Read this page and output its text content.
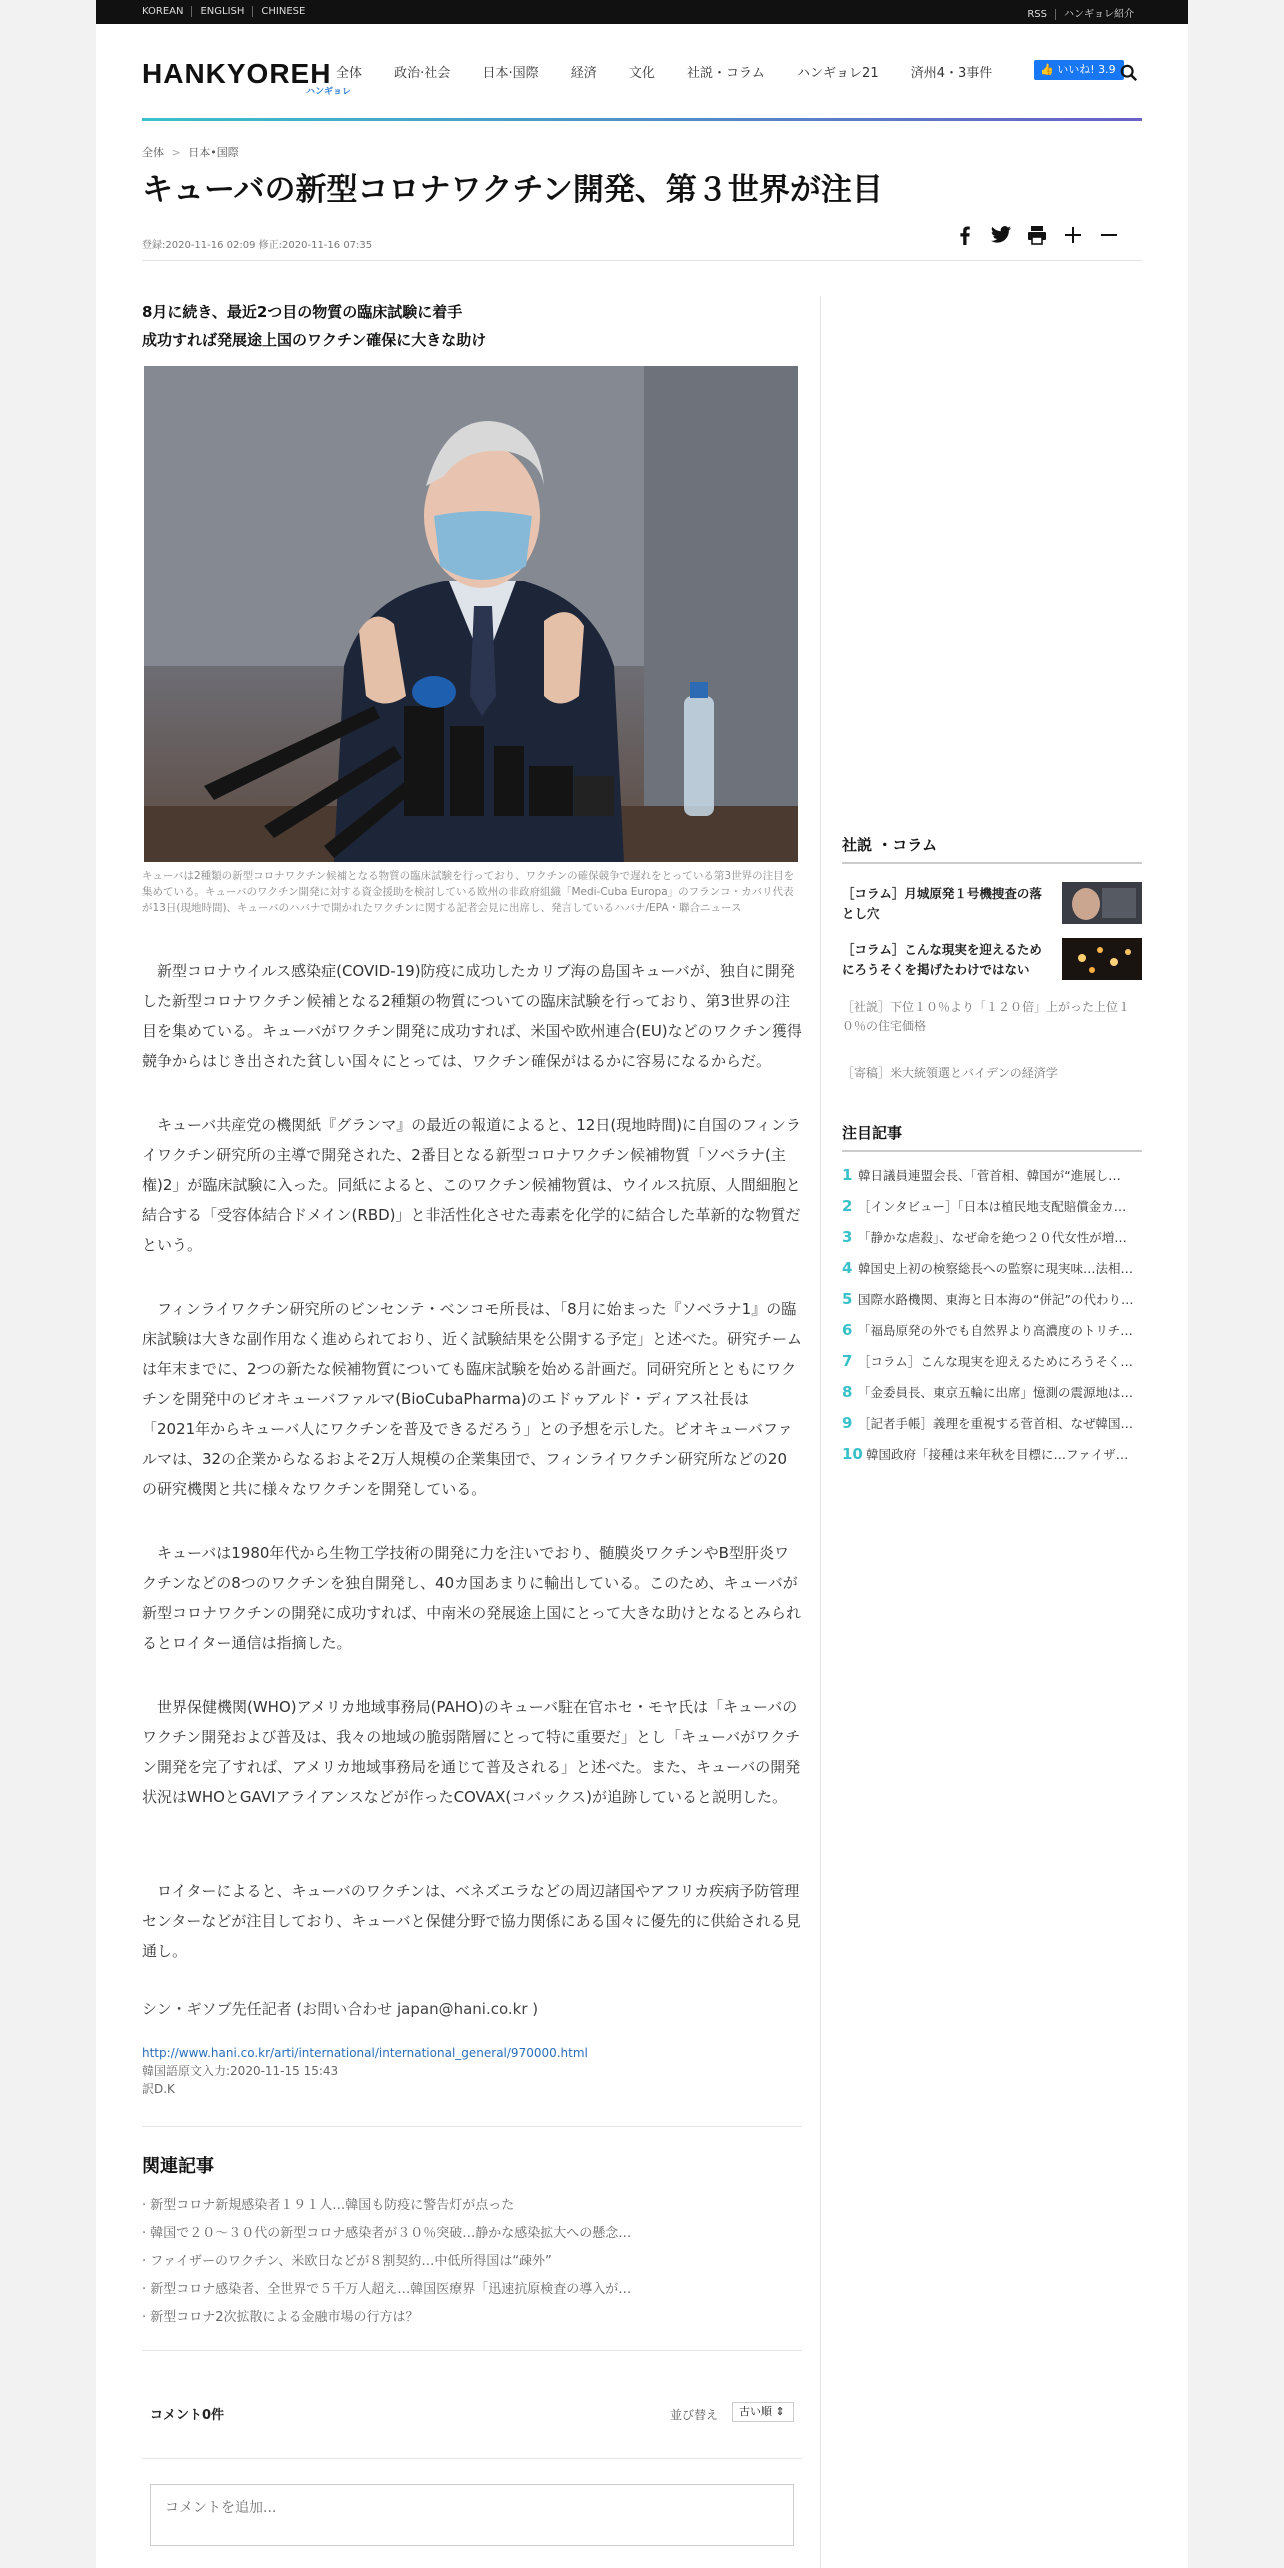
KOREAN ENGLISH CHINESE	RSS ハンギョレ紹介
HANKYOREH
ハンギョレ
全体 政治·社会 日本·国際 経済 文化 社説・コラム ハンギョレ21 済州4・3事件	👍 いいね! 3.9
全体 > 日本•国際
キューバの新型コロナワクチン開発、第３世界が注目
登録:2020-11-16 02:09 修正:2020-11-16 07:35
8月に続き、最近2つ目の物質の臨床試験に着手
成功すれば発展途上国のワクチン確保に大きな助け
キューバは2種類の新型コロナワクチン候補となる物質の臨床試験を行っており、ワクチンの確保競争で遅れをとっている第3世界の注目を集めている。キューバのワクチン開発に対する資金援助を検討している欧州の非政府組織「Medi-Cuba Europa」のフランコ・カバリ代表が13日(現地時間)、キューバのハバナで開かれたワクチンに関する記者会見に出席し、発言しているハバナ/EPA・聯合ニュース
新型コロナウイルス感染症(COVID-19)防疫に成功したカリブ海の島国キューバが、独自に開発した新型コロナワクチン候補となる2種類の物質についての臨床試験を行っており、第3世界の注目を集めている。キューバがワクチン開発に成功すれば、米国や欧州連合(EU)などのワクチン獲得競争からはじき出された貧しい国々にとっては、ワクチン確保がはるかに容易になるからだ。
キューバ共産党の機関紙『グランマ』の最近の報道によると、12日(現地時間)に自国のフィンライワクチン研究所の主導で開発された、2番目となる新型コロナワクチン候補物質「ソベラナ(主権)2」が臨床試験に入った。同紙によると、このワクチン候補物質は、ウイルス抗原、人間細胞と結合する「受容体結合ドメイン(RBD)」と非活性化させた毒素を化学的に結合した革新的な物質だという。
フィンライワクチン研究所のビンセンテ・ベンコモ所長は、「8月に始まった『ソベラナ1』の臨床試験は大きな副作用なく進められており、近く試験結果を公開する予定」と述べた。研究チームは年末までに、2つの新たな候補物質についても臨床試験を始める計画だ。同研究所とともにワクチンを開発中のビオキューバファルマ(BioCubaPharma)のエドゥアルド・ディアス社長は「2021年からキューバ人にワクチンを普及できるだろう」との予想を示した。ビオキューバファルマは、32の企業からなるおよそ2万人規模の企業集団で、フィンライワクチン研究所などの20の研究機関と共に様々なワクチンを開発している。
キューバは1980年代から生物工学技術の開発に力を注いでおり、髄膜炎ワクチンやB型肝炎ワクチンなどの8つのワクチンを独自開発し、40カ国あまりに輸出している。このため、キューバが新型コロナワクチンの開発に成功すれば、中南米の発展途上国にとって大きな助けとなるとみられるとロイター通信は指摘した。
世界保健機関(WHO)アメリカ地域事務局(PAHO)のキューバ駐在官ホセ・モヤ氏は「キューバのワクチン開発および普及は、我々の地域の脆弱階層にとって特に重要だ」とし「キューバがワクチン開発を完了すれば、アメリカ地域事務局を通じて普及される」と述べた。また、キューバの開発状況はWHOとGAVIアライアンスなどが作ったCOVAX(コバックス)が追跡していると説明した。
ロイターによると、キューバのワクチンは、ベネズエラなどの周辺諸国やアフリカ疾病予防管理センターなどが注目しており、キューバと保健分野で協力関係にある国々に優先的に供給される見通し。
シン・ギソブ先任記者 (お問い合わせ japan@hani.co.kr )
http://www.hani.co.kr/arti/international/international_general/970000.html
韓国語原文入力:2020-11-15 15:43
訳D.K
関連記事
· 新型コロナ新規感染者１９１人…韓国も防疫に警告灯が点った
· 韓国で２０～３０代の新型コロナ感染者が３０％突破…静かな感染拡大への懸念…
· ファイザーのワクチン、米欧日などが８割契約…中低所得国は“疎外”
· 新型コロナ感染者、全世界で５千万人超え…韓国医療界「迅速抗原検査の導入が…
· 新型コロナ2次拡散による金融市場の行方は？
コメント0件	並び替え	古い順 ⇕
コメントを追加...
社説 ・コラム
［コラム］月城原発１号機捜査の落とし穴
［コラム］こんな現実を迎えるためにろうそくを掲げたわけではない
［社説］下位１０％より「１２０倍」上がった上位１０％の住宅価格
［寄稿］米大統領選とバイデンの経済学
注目記事
1 韓日議員連盟会長、「菅首相、韓国が“進展し…
2 ［インタビュー］「日本は植民地支配賠償金カ…
3 「静かな虐殺」、なぜ命を絶つ２０代女性が増…
4 韓国史上初の検察総長への監察に現実味…法相…
5 国際水路機関、東海と日本海の“併記”の代わり…
6 「福島原発の外でも自然界より高濃度のトリチ…
7 ［コラム］こんな現実を迎えるためにろうそく…
8 「金委員長、東京五輪に出席」憶測の震源地は…
9 ［記者手帳］義理を重視する菅首相、なぜ韓国…
10 韓国政府「接種は来年秋を目標に…ファイザ…
